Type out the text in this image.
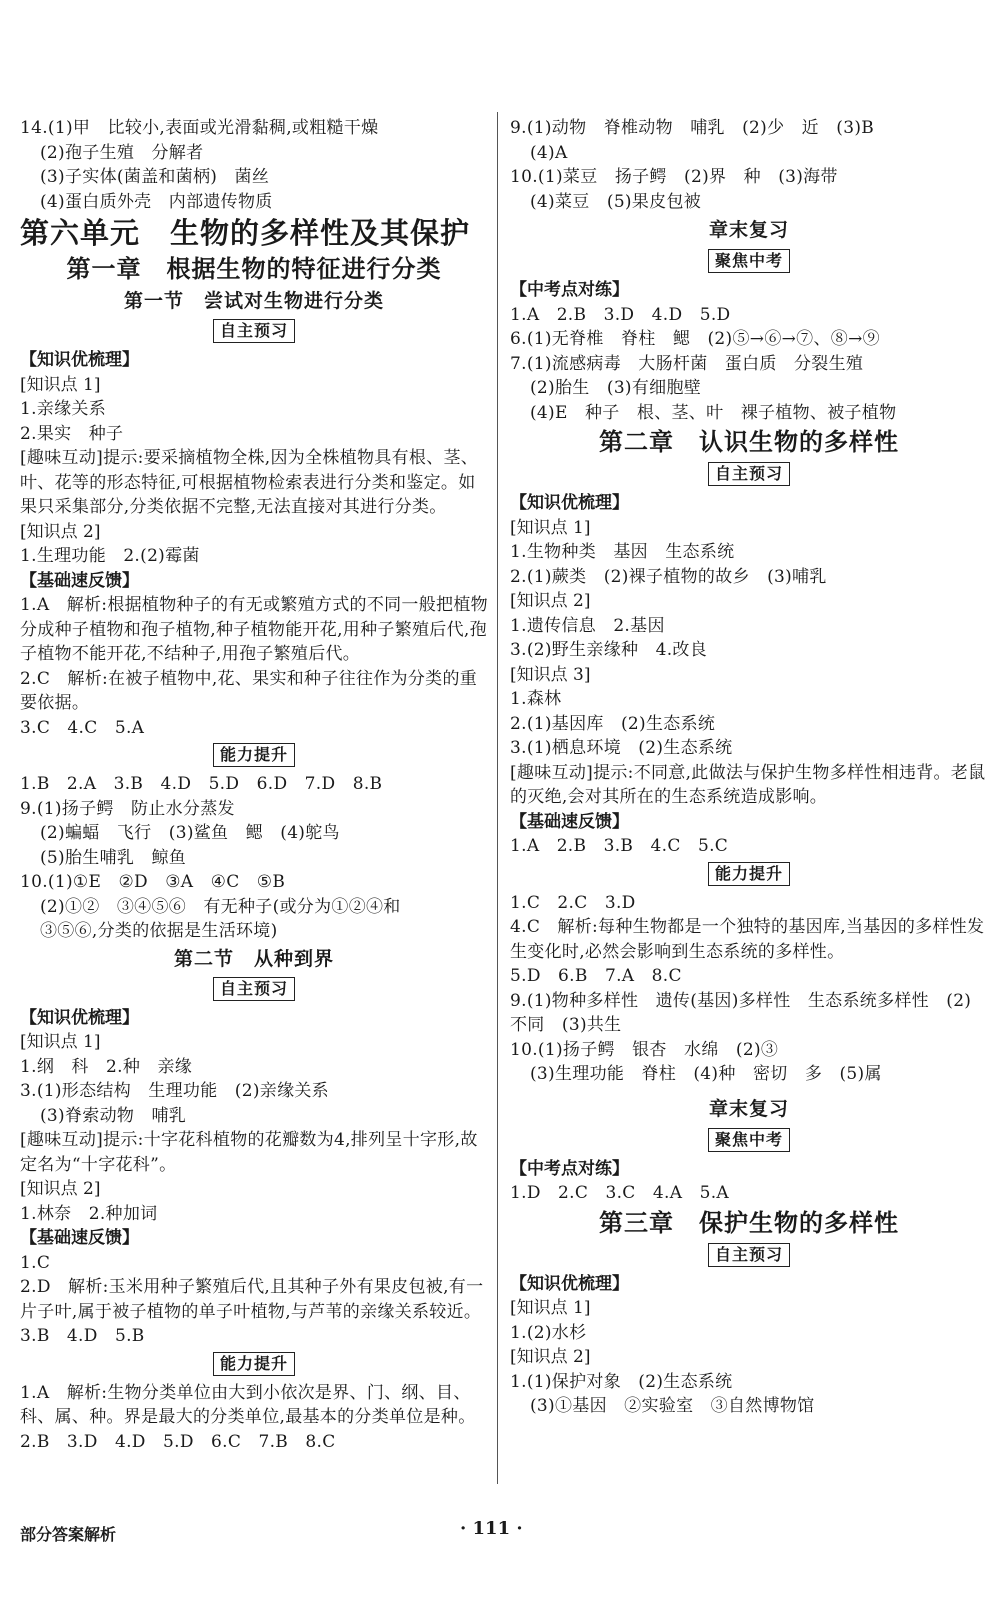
14.(1)甲　比较小,表面或光滑黏稠,或粗糙干燥
(2)孢子生殖　分解者
(3)子实体(菌盖和菌柄)　菌丝
(4)蛋白质外壳　内部遗传物质
第六单元　生物的多样性及其保护
第一章　根据生物的特征进行分类
第一节　尝试对生物进行分类
自主预习
【知识优梳理】
[知识点 1]
1.亲缘关系
2.果实　种子
[趣味互动]提示:要采摘植物全株,因为全株植物具有根、茎、叶、花等的形态特征,可根据植物检索表进行分类和鉴定。如果只采集部分,分类依据不完整,无法直接对其进行分类。
[知识点 2]
1.生理功能　2.(2)霉菌
【基础速反馈】
1.A　解析:根据植物种子的有无或繁殖方式的不同一般把植物分成种子植物和孢子植物,种子植物能开花,用种子繁殖后代,孢子植物不能开花,不结种子,用孢子繁殖后代。
2.C　解析:在被子植物中,花、果实和种子往往作为分类的重要依据。
3.C　4.C　5.A
能力提升
1.B　2.A　3.B　4.D　5.D　6.D　7.D　8.B
9.(1)扬子鳄　防止水分蒸发
(2)蝙蝠　飞行　(3)鲨鱼　鳃　(4)鸵鸟
(5)胎生哺乳　鲸鱼
10.(1)①E　②D　③A　④C　⑤B
(2)①②　③④⑤⑥　有无种子(或分为①②④和
③⑤⑥,分类的依据是生活环境)
第二节　从种到界
自主预习
【知识优梳理】
[知识点 1]
1.纲　科　2.种　亲缘
3.(1)形态结构　生理功能　(2)亲缘关系
(3)脊索动物　哺乳
[趣味互动]提示:十字花科植物的花瓣数为4,排列呈十字形,故定名为“十字花科”。
[知识点 2]
1.林奈　2.种加词
【基础速反馈】
1.C
2.D　解析:玉米用种子繁殖后代,且其种子外有果皮包被,有一片子叶,属于被子植物的单子叶植物,与芦苇的亲缘关系较近。
3.B　4.D　5.B
能力提升
1.A　解析:生物分类单位由大到小依次是界、门、纲、目、科、属、种。界是最大的分类单位,最基本的分类单位是种。
2.B　3.D　4.D　5.D　6.C　7.B　8.C
9.(1)动物　脊椎动物　哺乳　(2)少　近　(3)B
(4)A
10.(1)菜豆　扬子鳄　(2)界　种　(3)海带
(4)菜豆　(5)果皮包被
章末复习
聚焦中考
【中考点对练】
1.A　2.B　3.D　4.D　5.D
6.(1)无脊椎　脊柱　鳃　(2)⑤→⑥→⑦、⑧→⑨
7.(1)流感病毒　大肠杆菌　蛋白质　分裂生殖
(2)胎生　(3)有细胞壁
(4)E　种子　根、茎、叶　裸子植物、被子植物
第二章　认识生物的多样性
自主预习
【知识优梳理】
[知识点 1]
1.生物种类　基因　生态系统
2.(1)蕨类　(2)裸子植物的故乡　(3)哺乳
[知识点 2]
1.遗传信息　2.基因
3.(2)野生亲缘种　4.改良
[知识点 3]
1.森林
2.(1)基因库　(2)生态系统
3.(1)栖息环境　(2)生态系统
[趣味互动]提示:不同意,此做法与保护生物多样性相违背。老鼠的灭绝,会对其所在的生态系统造成影响。
【基础速反馈】
1.A　2.B　3.B　4.C　5.C
能力提升
1.C　2.C　3.D
4.C　解析:每种生物都是一个独特的基因库,当基因的多样性发生变化时,必然会影响到生态系统的多样性。
5.D　6.B　7.A　8.C
9.(1)物种多样性　遗传(基因)多样性　生态系统多样性　(2)不同　(3)共生
10.(1)扬子鳄　银杏　水绵　(2)③
(3)生理功能　脊柱　(4)种　密切　多　(5)属
章末复习
聚焦中考
【中考点对练】
1.D　2.C　3.C　4.A　5.A
第三章　保护生物的多样性
自主预习
【知识优梳理】
[知识点 1]
1.(2)水杉
[知识点 2]
1.(1)保护对象　(2)生态系统
(3)①基因　②实验室　③自然博物馆
部分答案解析	· 111 ·
